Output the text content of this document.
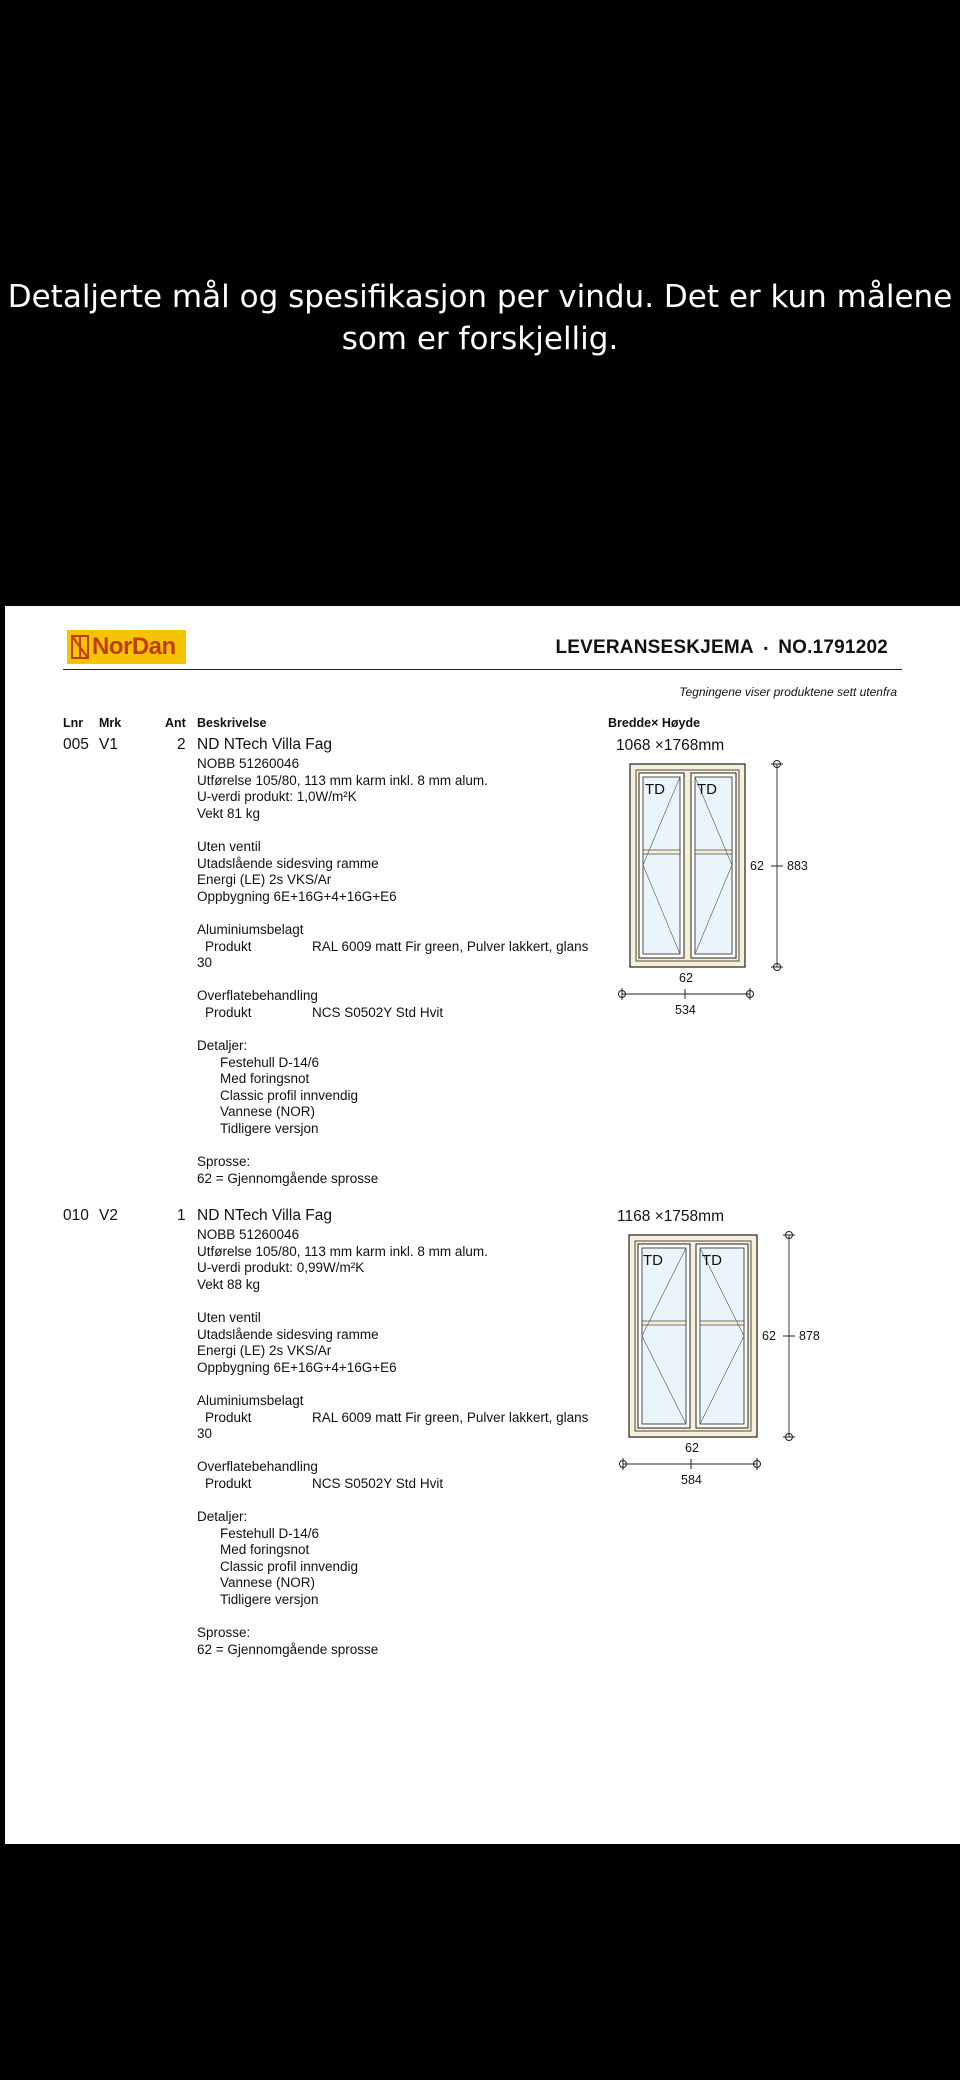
Detaljerte mål og spesifikasjon per vindu. Det er kun målene
som er forskjellig.
NorDan	LEVERANSESKJEMA ▪ NO.1791202
Tegningene viser produktene sett utenfra
Lnr Mrk	Ant Beskrivelse	Bredde× Høyde
005 V1	2 ND NTech Villa Fag	1068 ×1768mm
NOBB 51260046
Utførelse 105/80, 113 mm karm inkl. 8 mm alum.
U-verdi produkt: 1,0W/m²K
Vekt 81 kg
Uten ventil
Utadslående sidesving ramme
Energi (LE) 2s VKS/Ar
Oppbygning 6E+16G+4+16G+E6
Aluminiumsbelagt
Produkt	RAL 6009 matt Fir green, Pulver lakkert, glans
30
Overflatebehandling
Produkt	NCS S0502Y Std Hvit
Detaljer:
Festehull D-14/6
Med foringsnot
Classic profil innvendig
Vannese (NOR)
Tidligere versjon
Sprosse:
62 = Gjennomgående sprosse
TD TD
62 883
62
534
010 V2	1 ND NTech Villa Fag	1168 ×1758mm
NOBB 51260046
Utførelse 105/80, 113 mm karm inkl. 8 mm alum.
U-verdi produkt: 0,99W/m²K
Vekt 88 kg
Uten ventil
Utadslående sidesving ramme
Energi (LE) 2s VKS/Ar
Oppbygning 6E+16G+4+16G+E6
Aluminiumsbelagt
Produkt	RAL 6009 matt Fir green, Pulver lakkert, glans
30
Overflatebehandling
Produkt	NCS S0502Y Std Hvit
Detaljer:
Festehull D-14/6
Med foringsnot
Classic profil innvendig
Vannese (NOR)
Tidligere versjon
Sprosse:
62 = Gjennomgående sprosse
TD	TD
62 878
62
584
